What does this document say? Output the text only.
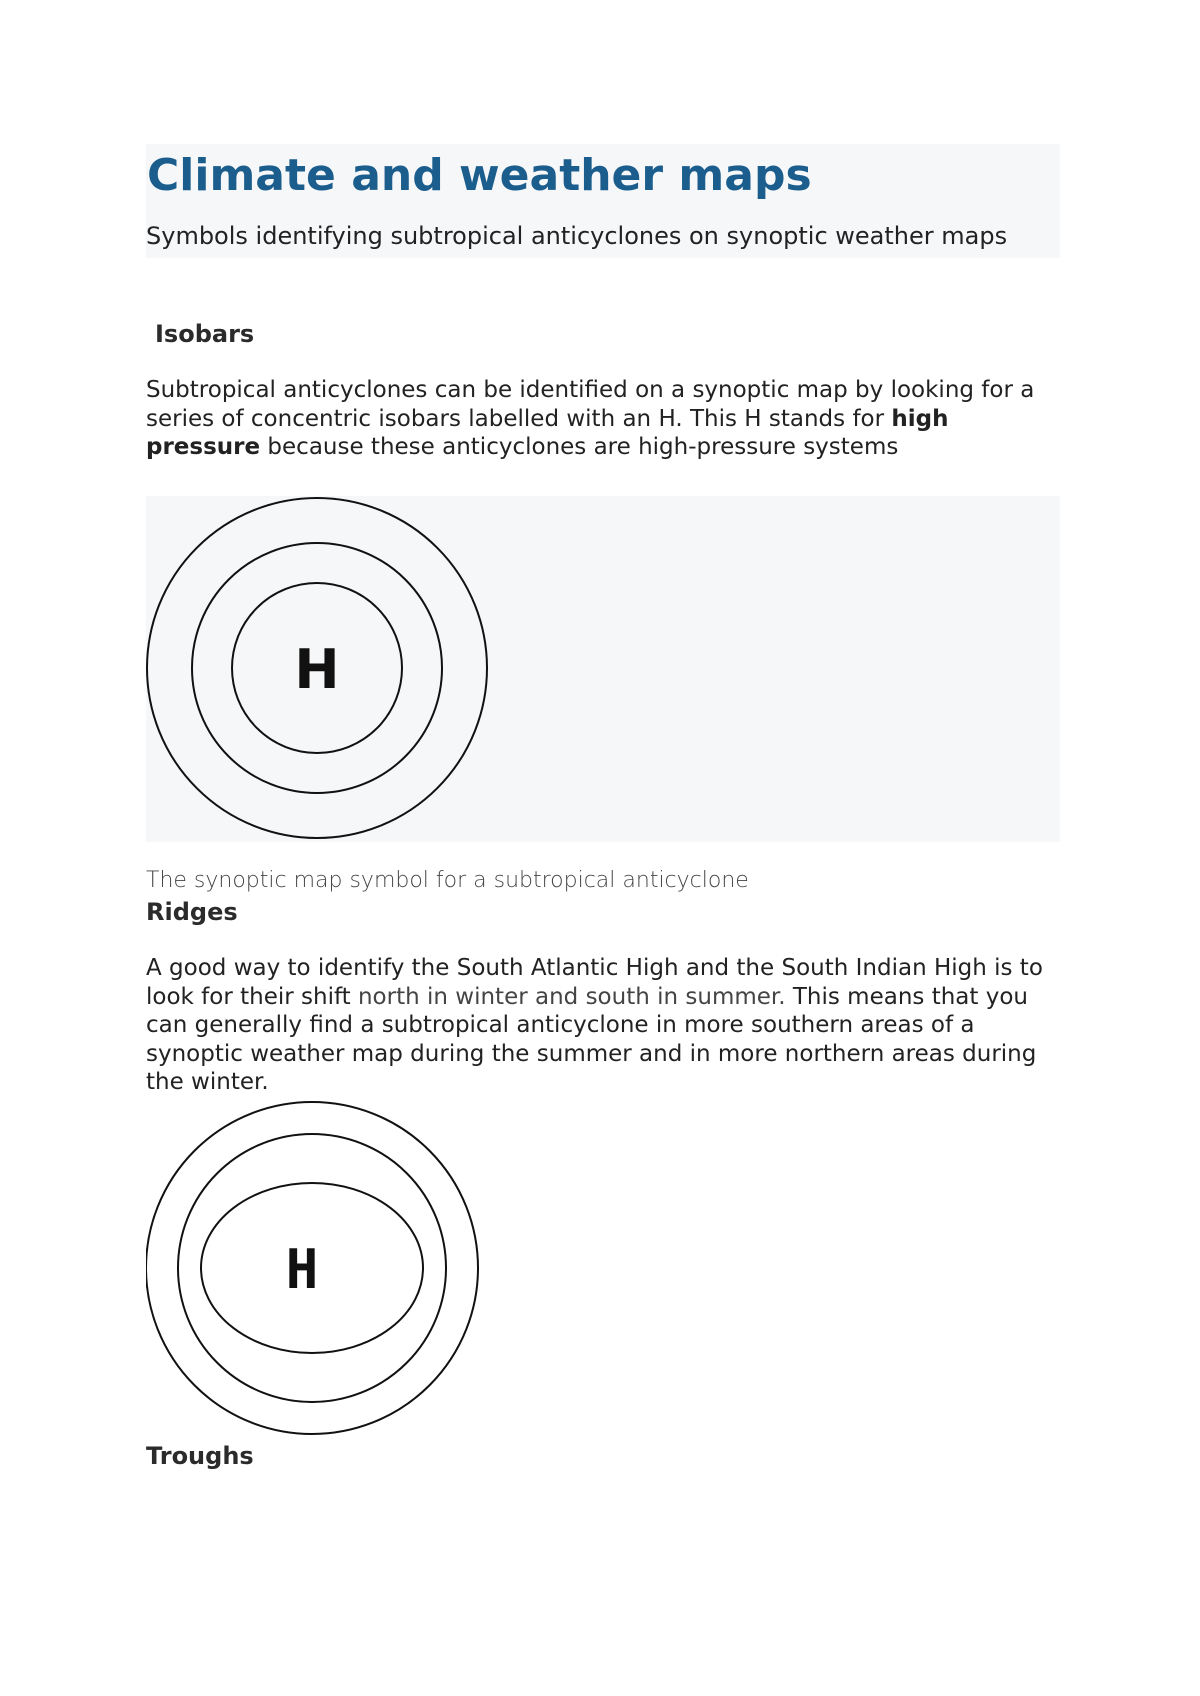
Climate and weather maps

Symbols identifying subtropical anticyclones on synoptic weather maps

Isobars

Subtropical anticyclones can be identified on a synoptic map by looking for a series of concentric isobars labelled with an H. This H stands for high pressure because these anticyclones are high-pressure systems

H

The synoptic map symbol for a subtropical anticyclone

Ridges

A good way to identify the South Atlantic High and the South Indian High is to look for their shift north in winter and south in summer. This means that you can generally find a subtropical anticyclone in more southern areas of a synoptic weather map during the summer and in more northern areas during the winter.

H
Troughs
